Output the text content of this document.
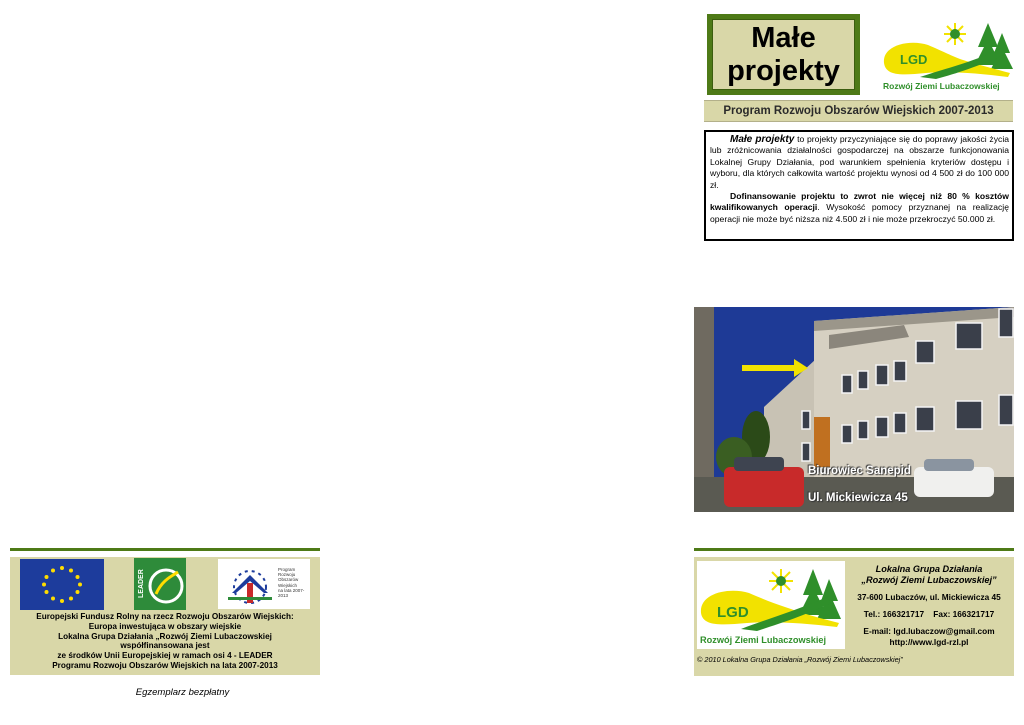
Małe
projekty	LGD
Rozwój Ziemi Lubaczowskiej
Program Rozwoju Obszarów Wiejskich 2007-2013

Małe projekty to projekty przyczyniające się do poprawy jakości życia lub zróżnicowania działalności gospodarczej na obszarze funkcjonowania Lokalnej Grupy Działania, pod warunkiem spełnienia kryteriów dostępu i wyboru, dla których całkowita wartość projektu wynosi od 4 500 zł do 100 000 zł.

Dofinansowanie projektu to zwrot nie więcej niż 80 % kosztów kwalifikowanych operacji. Wysokość pomocy przyznanej na realizację operacji nie może być niższa niż 4.500 zł i nie może przekroczyć 50.000 zł.

Biurowiec Sanepid
Ul. Mickiewicza 45
LEADER	Program
Rozwoju
Obszarów
Wiejskich
na lata 2007-2013
Europejski Fundusz Rolny na rzecz Rozwoju Obszarów Wiejskich:
Europa inwestująca w obszary wiejskie
Lokalna Grupa Działania „Rozwój Ziemi Lubaczowskiej
współfinansowana jest
ze środków Unii Europejskiej w ramach osi 4 - LEADER
Programu Rozwoju Obszarów Wiejskich na lata 2007-2013
Egzemplarz bezpłatny
LGD
Rozwój Ziemi Lubaczowskiej
Lokalna Grupa Działania
„Rozwój Ziemi Lubaczowskiej”
37-600 Lubaczów, ul. Mickiewicza 45
Tel.: 166321717    Fax: 166321717
E-mail: lgd.lubaczow@gmail.com
http://www.lgd-rzl.pl
© 2010 Lokalna Grupa Działania „Rozwój Ziemi Lubaczowskiej”
